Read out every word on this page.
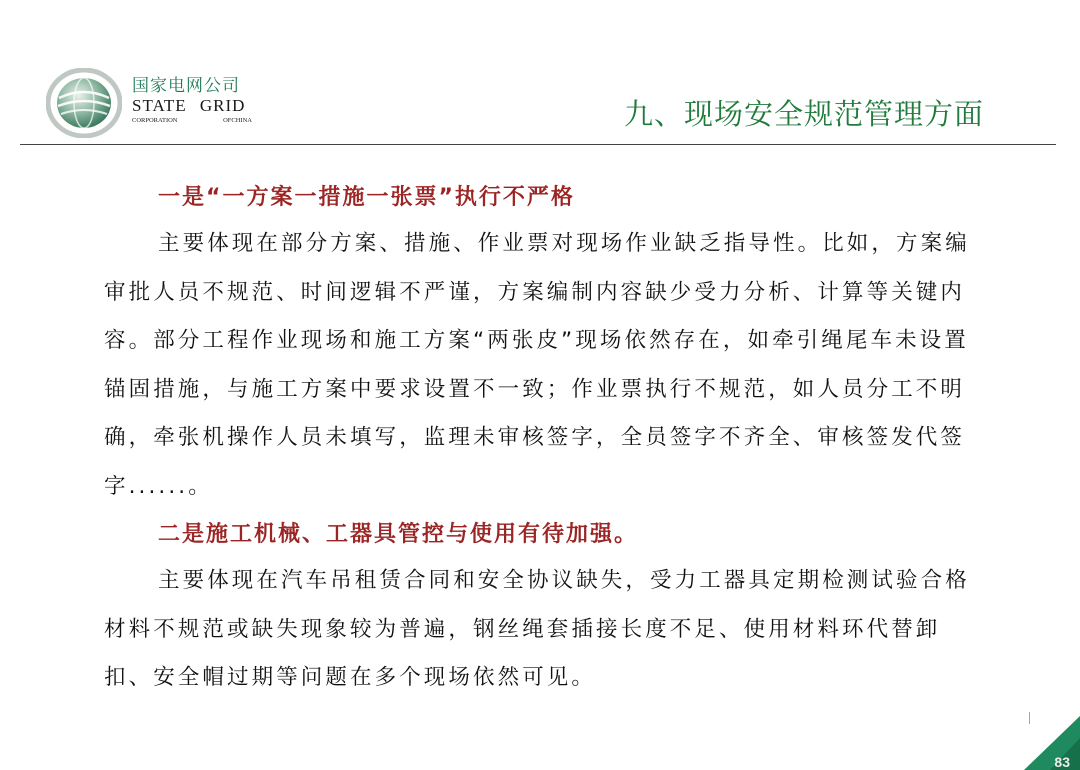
国家电网公司
STATE GRID
CORPORATION	OFCHINA	九、现场安全规范管理方面
一是“一方案一措施一张票”执行不严格

主要体现在部分方案、措施、作业票对现场作业缺乏指导性。比如，方案编审批人员不规范、时间逻辑不严谨，方案编制内容缺少受力分析、计算等关键内容。部分工程作业现场和施工方案“两张皮”现场依然存在，如牵引绳尾车未设置锚固措施，与施工方案中要求设置不一致；作业票执行不规范，如人员分工不明确，牵张机操作人员未填写，监理未审核签字，全员签字不齐全、审核签发代签字......。

二是施工机械、工器具管控与使用有待加强。

主要体现在汽车吊租赁合同和安全协议缺失，受力工器具定期检测试验合格材料不规范或缺失现象较为普遍，钢丝绳套插接长度不足、使用材料环代替卸扣、安全帽过期等问题在多个现场依然可见。

83
